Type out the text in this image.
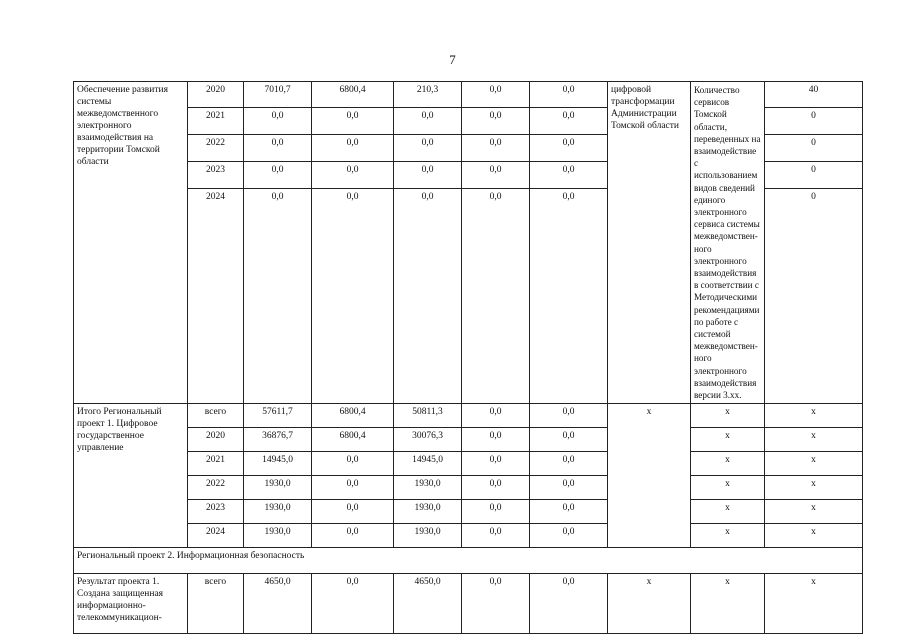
7
Обеспечение развития системы межведомственного электронного взаимодействия на территории Томской области	2020	7010,7	6800,4	210,3	0,0	0,0	цифровой трансформации Администрации Томской области	Количество сервисов Томской области, переведенных на взаимодействие с использованием видов сведений единого электронного сервиса системы межведомствен-ного электронного взаимодействия в соответствии с Методическими рекомендациями по работе с системой межведомствен-ного электронного взаимодействия версии 3.хх.	40
	2021	0,0	0,0	0,0	0,0	0,0			0
	2022	0,0	0,0	0,0	0,0	0,0			0
	2023	0,0	0,0	0,0	0,0	0,0			0
	2024	0,0	0,0	0,0	0,0	0,0			0
Итого Региональный проект 1. Цифровое государственное управление	всего	57611,7	6800,4	50811,3	0,0	0,0	х	х	х
	2020	36876,7	6800,4	30076,3	0,0	0,0		х	х
	2021	14945,0	0,0	14945,0	0,0	0,0		х	х
	2022	1930,0	0,0	1930,0	0,0	0,0		х	х
	2023	1930,0	0,0	1930,0	0,0	0,0		х	х
	2024	1930,0	0,0	1930,0	0,0	0,0		х	х
Региональный проект 2. Информационная безопасность									
Результат проекта 1. Создана защищенная информационно-телекоммуникацион-	всего	4650,0	0,0	4650,0	0,0	0,0	х	х	х
